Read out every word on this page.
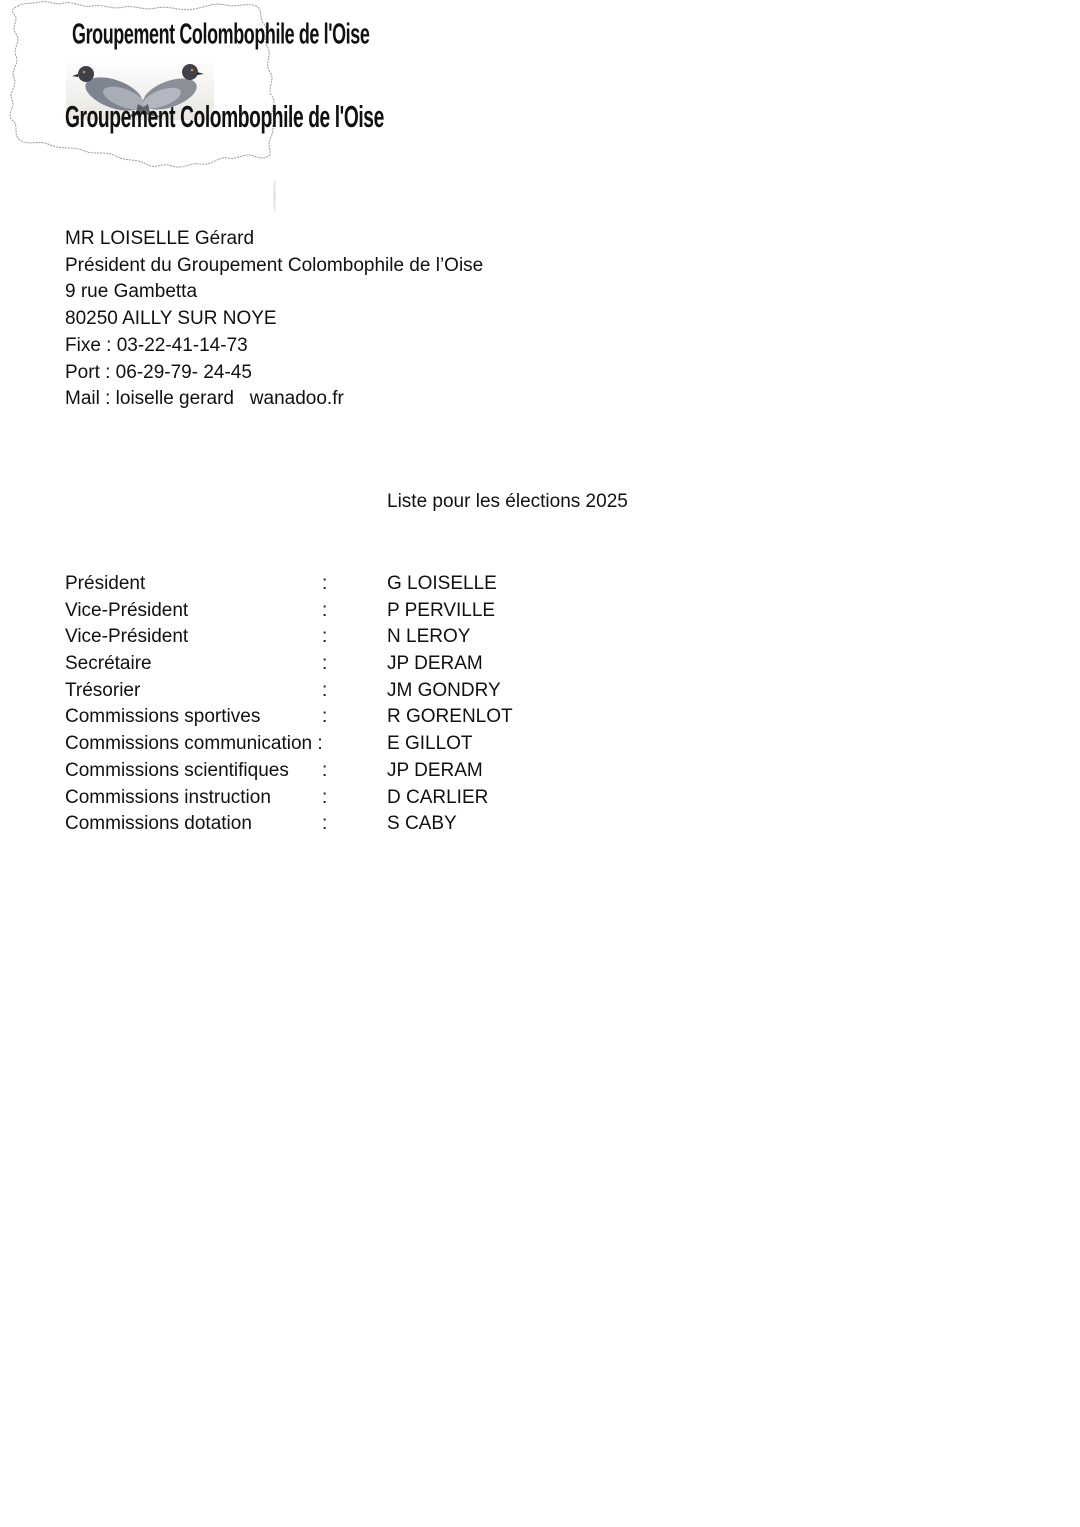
Groupement Colombophile de l'Oise
Groupement Colombophile de l'Oise
MR LOISELLE Gérard
Président du Groupement Colombophile de l’Oise
9 rue Gambetta
80250 AILLY SUR NOYE
Fixe : 03-22-41-14-73
Port : 06-29-79- 24-45
Mail : loiselle gerard   wanadoo.fr
Liste pour les élections 2025
Président	:	G LOISELLE
Vice-Président	:	P PERVILLE
Vice-Président	:	N LEROY
Secrétaire	:	JP DERAM
Trésorier	:	JM GONDRY
Commissions sportives	:	R GORENLOT
Commissions communication :	E GILLOT
Commissions scientifiques :	JP DERAM
Commissions instruction	:	D CARLIER
Commissions dotation	:	S CABY
